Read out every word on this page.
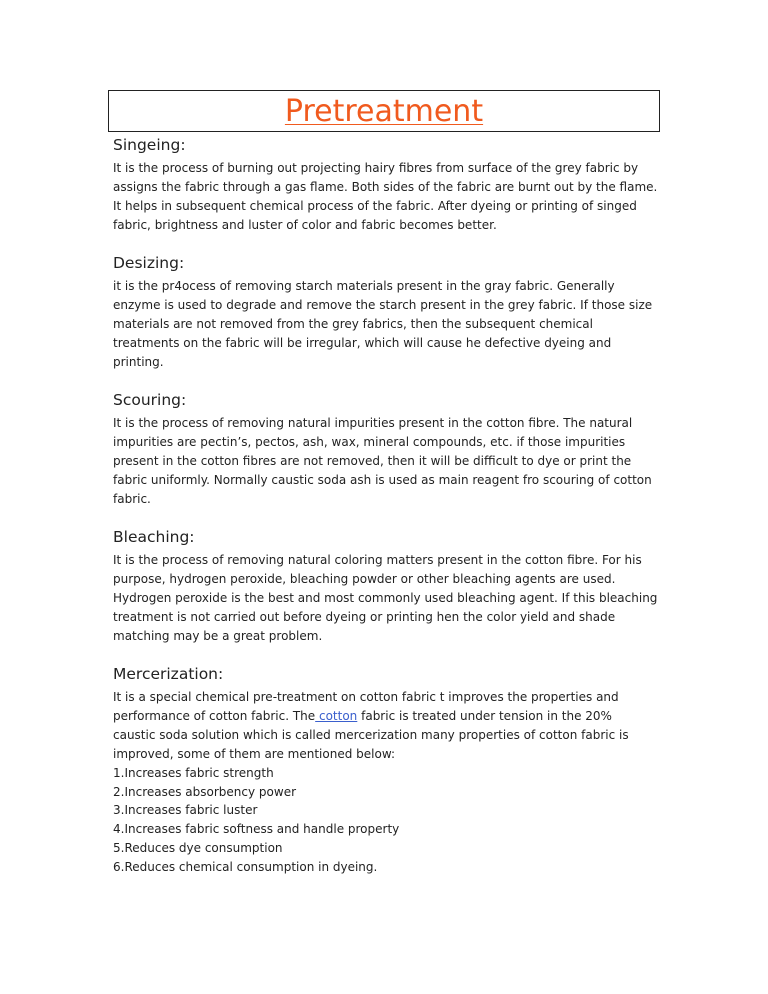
Pretreatment
Singeing:

It is the process of burning out projecting hairy fibres from surface of the grey fabric by assigns the fabric through a gas flame. Both sides of the fabric are burnt out by the flame. It helps in subsequent chemical process of the fabric. After dyeing or printing of singed fabric, brightness and luster of color and fabric becomes better.

Desizing:

it is the pr4ocess of removing starch materials present in the gray fabric. Generally enzyme is used to degrade and remove the starch present in the grey fabric. If those size materials are not removed from the grey fabrics, then the subsequent chemical treatments on the fabric will be irregular, which will cause he defective dyeing and printing.

Scouring:

It is the process of removing natural impurities present in the cotton fibre. The natural impurities are pectin’s, pectos, ash, wax, mineral compounds, etc. if those impurities present in the cotton fibres are not removed, then it will be difficult to dye or print the fabric uniformly. Normally caustic soda ash is used as main reagent fro scouring of cotton fabric.

Bleaching:

It is the process of removing natural coloring matters present in the cotton fibre. For his purpose, hydrogen peroxide, bleaching powder or other bleaching agents are used. Hydrogen peroxide is the best and most commonly used bleaching agent. If this bleaching treatment is not carried out before dyeing or printing hen the color yield and shade matching may be a great problem.

Mercerization:

It is a special chemical pre-treatment on cotton fabric t improves the properties and performance of cotton fabric. The cotton fabric is treated under tension in the 20% caustic soda solution which is called mercerization many properties of cotton fabric is improved, some of them are mentioned below:

1.Increases fabric strength
2.Increases absorbency power
3.Increases fabric luster
4.Increases fabric softness and handle property
5.Reduces dye consumption
6.Reduces chemical consumption in dyeing.
